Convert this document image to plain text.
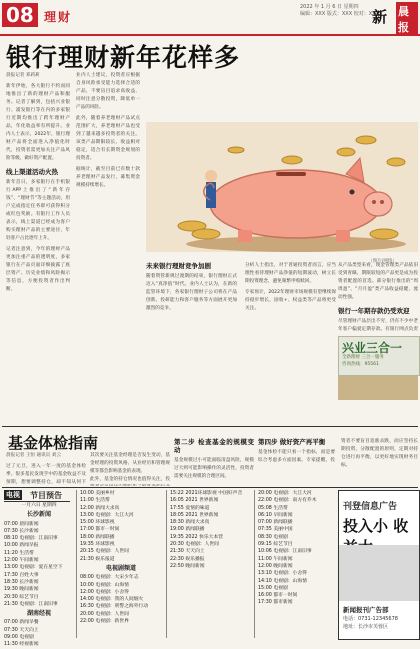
08 理财
2022 年 1 月 6 日 星期四
编辑：XXX 版式：XXX 校对：XXX
新 晨报
银行理财新年花样多
晨报记者 邓莉莉
新年伊始，各大银行不约而同地推出了新的理财产品和服务。记者了解到，包括兴业银行、浦发银行等在内的多家银行近期均推出了跨年理财产品，年化收益率有所提升。业内人士表示，2022年，银行理财产品将全面进入净值化时代，投资者需更加关注产品风险等级，做好资产配置。
线上渠道活动火热
新年首日，多家银行在手机银行APP上推出了“新年存钱”、“理财节”等主题活动，用户完成指定任务即可获得积分或红包奖励。有银行工作人员表示，线上渠道已经成为客户购买理财产品的主要途径，年轻客户占比逐年上升。
记者注意到，今年的理财产品更加注重产品的透明度，多家银行在产品页面详细披露了底层资产、历史业绩和风险揭示等信息，方便投资者作出判断。
业内人士建议，投资者应根据自身风险承受能力选择合适的产品，不要盲目追求高收益，同时注意分散投资，降低单一产品的风险。
此外，随着养老理财产品试点范围扩大，养老理财产品也受到了越来越多投资者的关注。该类产品期限较长、收益相对稳定，适合有长期资金规划的投资者。
据统计，截至目前已有数十款养老理财产品发行，募集资金规模持续增长。
（图片/网络）
未来银行理财竞争加剧
随着资管新规过渡期的结束，银行理财正式迈入“真净值”时代。业内人士认为，在新的监管环境下，各家银行理财子公司将在产品创新、投研能力和客户服务等方面展开更加激烈的竞争。
分析人士指出，对于普通投资者而言，应当理性看待理财产品净值的短期波动，树立长期投资理念，避免频繁申购赎回。
专家预计，2022年理财市场规模有望继续保持稳步增长，固收+、权益类等产品将更受关注。
从产品类型来看，现金管理类产品依旧受到青睐，期限较短的产品更是成为投资者配置的首选。部分银行推出的“周周盈”、“月月盈”类产品收益稳健、流动性强。
银行一年期存款仍受欢迎
尽管理财产品层出不穷，仍有不少中老年客户偏爱定期存款。有银行网点负责
兴业三合一
全新理财 三合一服务
咨询热线：95561
基金体检指南
晨报记者 王恒 通讯员 刘云
过了元旦，进入一年一度的基金体检季。很多基民发现手中的基金收益不及预期，想要调整持仓，却不知从何下
其次要关注基金经理是否发生变动，基金经理的投资风格、从业经历和管理规模等都会影响基金的表现。
此外，基金的持仓情况也值得关注，投
第二步 检查基金的规模变动
基金规模过小可能面临清盘风险，规模过大则可能影响操作的灵活性，投资者需要关注规模的合理区间。
第四步 做好资产再平衡
基金体检不能只看一个指标，而是要综合考虑多方面因素。专家提醒，投资者不要盲目追涨杀跌，而应坚持长期投资、分散配置的原则，定期对持仓进行再平衡，以更好地实现财务目标。
电视 节目预告
一月六日 星期四
长沙新闻
07:00 晨间新闻
07:30 长沙新闻
08:10 电视剧：江南旧事
10:00 新闻早报
11:20 生活帮
12:00 午间新闻
13:00 电视剧：爱在星空下
17:30 百姓大事
18:30 长沙新闻
19:30 晚间新闻
20:30 综艺节目
21:30 电视剧：江南旧事
湖南经视
07:00 新闻早餐
07:30 天天向上
09:00 电视剧
11:30 经视新闻
10:00 美丽乡村
11:00 生活帮
12:00 新闻大求真
13:00 电视剧：大江大河
15:00 环球影视
17:00 都市一时间
18:00 新闻联播
19:35 环球影视
20:15 电视剧：人世间
21:30 娱乐报道
电视剧频道
08:00 电视剧：大宋少年志
10:00 电视剧：山海情
12:00 电视剧：小舍得
14:00 电视剧：我的人间烟火
16:30 电视剧：刑警之海外行动
20:00 电视剧：人世间
22:00 电视剧：新世界
15:22 2021环球影视 中国好声音
16:05 2021 世界新闻
17:55 爱情的味道
18:05 2021 世界新闻
18:30 新闻大求真
19:00 新闻联播
19:35 2022 快乐大本营
20:30 电视剧：人世间
21:30 天天向上
22:30 娱乐播报
22:50 晚间新闻
20:00 电视剧：大江大河
22:00 电视剧：南方有乔木
05:08 生活帮
06:10 早间新闻
07:00 新闻联播
07:35 美丽中国
08:30 电视剧
09:15 综艺节目
10:06 电视剧：江南旧事
11:00 午间新闻
12:00 晚间新闻
13:10 电视剧：小舍得
14:10 电视剧：山海情
15:00 电视剧
16:00 都市一时间
17:30 都市新闻
刊登信息广告
投入小 收
新闻报刊广告部
电话：0731-12345678
地址：长沙市芙蓉区
